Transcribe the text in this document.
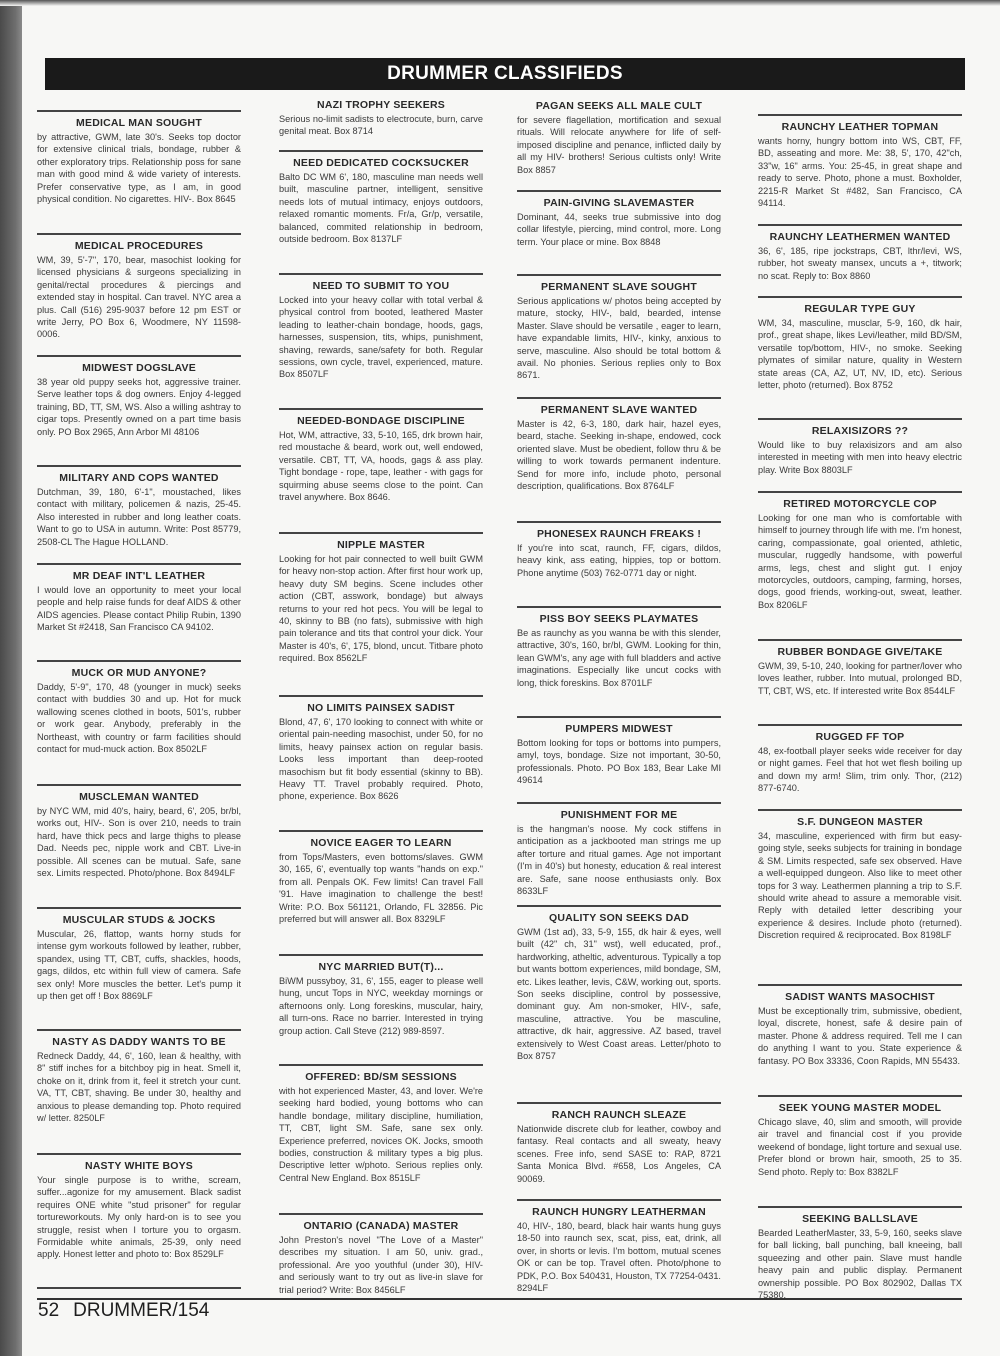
DRUMMER CLASSIFIEDS
MEDICAL MAN SOUGHT
by attractive, GWM, late 30's. Seeks top doctor for extensive clinical trials, bondage, rubber & other exploratory trips. Relationship poss for sane man with good mind & wide variety of interests. Prefer conservative type, as I am, in good physical condition. No cigarettes. HIV-. Box 8645
MEDICAL PROCEDURES
WM, 39, 5'-7", 170, bear, masochist looking for licensed physicians & surgeons specializing in genital/rectal procedures & piercings and extended stay in hospital. Can travel. NYC area a plus. Call (516) 295-9037 before 12 pm EST or write Jerry, PO Box 6, Woodmere, NY 11598-0006.
MIDWEST DOGSLAVE
38 year old puppy seeks hot, aggressive trainer. Serve leather tops & dog owners. Enjoy 4-legged training, BD, TT, SM, WS. Also a willing ashtray to cigar tops. Presently owned on a part time basis only. PO Box 2965, Ann Arbor MI 48106
MILITARY AND COPS WANTED
Dutchman, 39, 180, 6'-1", moustached, likes contact with military, policemen & nazis, 25-45. Also interested in rubber and long leather coats. Want to go to USA in autumn. Write: Post 85779, 2508-CL The Hague HOLLAND.
MR DEAF INT'L LEATHER
I would love an opportunity to meet your local people and help raise funds for deaf AIDS & other AIDS agencies. Please contact Philip Rubin, 1390 Market St #2418, San Francisco CA 94102.
MUCK OR MUD ANYONE?
Daddy, 5'-9", 170, 48 (younger in muck) seeks contact with buddies 30 and up. Hot for muck wallowing scenes clothed in boots, 501's, rubber or work gear. Anybody, preferably in the Northeast, with country or farm facilities should contact for mud-muck action. Box 8502LF
MUSCLEMAN WANTED
by NYC WM, mid 40's, hairy, beard, 6', 205, br/bl, works out, HIV-. Son is over 210, needs to train hard, have thick pecs and large thighs to please Dad. Needs pec, nipple work and CBT. Live-in possible. All scenes can be mutual. Safe, sane sex. Limits respected. Photo/phone. Box 8494LF
MUSCULAR STUDS & JOCKS
Muscular, 26, flattop, wants horny studs for intense gym workouts followed by leather, rubber, spandex, using TT, CBT, cuffs, shackles, hoods, gags, dildos, etc within full view of camera. Safe sex only! More muscles the better. Let's pump it up then get off ! Box 8869LF
NASTY AS DADDY WANTS TO BE
Redneck Daddy, 44, 6', 160, lean & healthy, with 8" stiff inches for a bitchboy pig in heat. Smell it, choke on it, drink from it, feel it stretch your cunt. VA, TT, CBT, shaving. Be under 30, healthy and anxious to please demanding top. Photo required w/ letter. 8250LF
NASTY WHITE BOYS
Your single purpose is to writhe, scream, suffer...agonize for my amusement. Black sadist requires ONE white "stud prisoner" for regular tortureworkouts. My only hard-on is to see you struggle, resist when I torture you to orgasm. Formidable white animals, 25-39, only need apply. Honest letter and photo to: Box 8529LF
NAZI TROPHY SEEKERS
Serious no-limit sadists to electrocute, burn, carve genital meat. Box 8714
NEED DEDICATED COCKSUCKER
Balto DC WM 6', 180, masculine man needs well built, masculine partner, intelligent, sensitive needs lots of mutual intimacy, enjoys outdoors, relaxed romantic moments. Fr/a, Gr/p, versatile, balanced, commited relationship in bedroom, outside bedroom. Box 8137LF
NEED TO SUBMIT TO YOU
Locked into your heavy collar with total verbal & physical control from booted, leathered Master leading to leather-chain bondage, hoods, gags, harnesses, suspension, tits, whips, punishment, shaving, rewards, sane/safety for both. Regular sessions, own cycle, travel, experienced, mature. Box 8507LF
NEEDED-BONDAGE DISCIPLINE
Hot, WM, attractive, 33, 5-10, 165, drk brown hair, red moustache & beard, work out, well endowed, versatile. CBT, TT, VA, hoods, gags & ass play. Tight bondage - rope, tape, leather - with gags for squirming abuse seems close to the point. Can travel anywhere. Box 8646.
NIPPLE MASTER
Looking for hot pair connected to well built GWM for heavy non-stop action. After first hour work up, heavy duty SM begins. Scene includes other action (CBT, asswork, bondage) but always returns to your red hot pecs. You will be legal to 40, skinny to BB (no fats), submissive with high pain tolerance and tits that control your dick. Your Master is 40's, 6', 175, blond, uncut. Titbare photo required. Box 8562LF
NO LIMITS PAINSEX SADIST
Blond, 47, 6', 170 looking to connect with white or oriental pain-needing masochist, under 50, for no limits, heavy painsex action on regular basis. Looks less important than deep-rooted masochism but fit body essential (skinny to BB). Heavy TT. Travel probably required. Photo, phone, experience. Box 8626
NOVICE EAGER TO LEARN
from Tops/Masters, even bottoms/slaves. GWM 30, 165, 6', eventually top wants "hands on exp." from all. Penpals OK. Few limits! Can travel Fall '91. Have imagination to challenge the best! Write: P.O. Box 561121, Orlando, FL 32856. Pic preferred but will answer all. Box 8329LF
NYC MARRIED BUT(T)...
BiWM pussyboy, 31, 6', 155, eager to please well hung, uncut Tops in NYC, weekday mornings or afternoons only. Long foreskins, muscular, hairy, all turn-ons. Race no barrier. Interested in trying group action. Call Steve (212) 989-8597.
OFFERED: BD/SM SESSIONS
with hot experienced Master, 43, and lover. We're seeking hard bodied, young bottoms who can handle bondage, military discipline, humiliation, TT, CBT, light SM. Safe, sane sex only. Experience preferred, novices OK. Jocks, smooth bodies, construction & military types a big plus. Descriptive letter w/photo. Serious replies only. Central New England. Box 8515LF
ONTARIO (CANADA) MASTER
John Preston's novel "The Love of a Master" describes my situation. I am 50, univ. grad., professional. Are yoo youthful (under 30), HIV- and seriously want to try out as live-in slave for trial period? Write: Box 8456LF
PAGAN SEEKS ALL MALE CULT
for severe flagellation, mortification and sexual rituals. Will relocate anywhere for life of self-imposed discipline and penance, inflicted daily by all my HIV- brothers! Serious cultists only! Write Box 8857
PAIN-GIVING SLAVEMASTER
Dominant, 44, seeks true submissive into dog collar lifestyle, piercing, mind control, more. Long term. Your place or mine. Box 8848
PERMANENT SLAVE SOUGHT
Serious applications w/ photos being accepted by mature, stocky, HIV-, bald, bearded, intense Master. Slave should be versatile , eager to learn, have expandable limits, HIV-, kinky, anxious to serve, masculine. Also should be total bottom & avail. No phonies. Serious replies only to Box 8671.
PERMANENT SLAVE WANTED
Master is 42, 6-3, 180, dark hair, hazel eyes, beard, stache. Seeking in-shape, endowed, cock oriented slave. Must be obedient, follow thru & be willing to work towards permanent indenture. Send for more info, include photo, personal description, qualifications. Box 8764LF
PHONESEX RAUNCH FREAKS !
If you're into scat, raunch, FF, cigars, dildos, heavy kink, ass eating, hippies, top or bottom. Phone anytime (503) 762-0771 day or night.
PISS BOY SEEKS PLAYMATES
Be as raunchy as you wanna be with this slender, attractive, 30's, 160, br/bl, GWM. Looking for thin, lean GWM's, any age with full bladders and active imaginations. Especially like uncut cocks with long, thick foreskins. Box 8701LF
PUMPERS MIDWEST
Bottom looking for tops or bottoms into pumpers, amyl, toys, bondage. Size not important, 30-50, professionals. Photo. PO Box 183, Bear Lake MI 49614
PUNISHMENT FOR ME
is the hangman's noose. My cock stiffens in anticipation as a jackbooted man strings me up after torture and ritual games. Age not important (I'm in 40's) but honesty, education & real interest are. Safe, sane noose enthusiasts only. Box 8633LF
QUALITY SON SEEKS DAD
GWM (1st ad), 33, 5-9, 155, dk hair & eyes, well built (42" ch, 31" wst), well educated, prof., hardworking, atheltic, adventurous. Typically a top but wants bottom experiences, mild bondage, SM, etc. Likes leather, levis, C&W, working out, sports. Son seeks discipline, control by possessive, dominant guy. Am non-smoker, HIV-, safe, masculine, attractive. You be masculine, attractive, dk hair, aggressive. AZ based, travel extensively to West Coast areas. Letter/photo to Box 8757
RANCH RAUNCH SLEAZE
Nationwide discrete club for leather, cowboy and fantasy. Real contacts and all sweaty, heavy scenes. Free info, send SASE to: RAP, 8721 Santa Monica Blvd. #658, Los Angeles, CA 90069.
RAUNCH HUNGRY LEATHERMAN
40, HIV-, 180, beard, black hair wants hung guys 18-50 into raunch sex, scat, piss, eat, drink, all over, in shorts or levis. I'm bottom, mutual scenes OK or can be top. Travel often. Photo/phone to PDK, P.O. Box 540431, Houston, TX 77254-0431. 8294LF
RAUNCHY LEATHER TOPMAN
wants horny, hungry bottom into WS, CBT, FF, BD, asseating and more. Me: 38, 5', 170, 42"ch, 33"w, 16" arms. You: 25-45, in great shape and ready to serve. Photo, phone a must. Boxholder, 2215-R Market St #482, San Francisco, CA 94114.
RAUNCHY LEATHERMEN WANTED
36, 6', 185, ripe jockstraps, CBT, lthr/levi, WS, rubber, hot sweaty mansex, uncuts a +, titwork; no scat. Reply to: Box 8860
REGULAR TYPE GUY
WM, 34, masculine, musclar, 5-9, 160, dk hair, prof., great shape, likes Levi/leather, mild BD/SM, versatile top/bottom, HIV-, no smoke. Seeking plymates of similar nature, quality in Western state areas (CA, AZ, UT, NV, ID, etc). Serious letter, photo (returned). Box 8752
RELAXISIZORS ??
Would like to buy relaxisizors and am also interested in meeting with men into heavy electric play. Write Box 8803LF
RETIRED MOTORCYCLE COP
Looking for one man who is comfortable with himself to journey through life with me. I'm honest, caring, compassionate, goal oriented, athletic, muscular, ruggedly handsome, with powerful arms, legs, chest and slight gut. I enjoy motorcycles, outdoors, camping, farming, horses, dogs, good friends, working-out, sweat, leather. Box 8206LF
RUBBER BONDAGE GIVE/TAKE
GWM, 39, 5-10, 240, looking for partner/lover who loves leather, rubber. Into mutual, prolonged BD, TT, CBT, WS, etc. If interested write Box 8544LF
RUGGED FF TOP
48, ex-football player seeks wide receiver for day or night games. Feel that hot wet flesh boiling up and down my arm! Slim, trim only. Thor, (212) 877-6740.
S.F. DUNGEON MASTER
34, masculine, experienced with firm but easy-going style, seeks subjects for training in bondage & SM. Limits respected, safe sex observed. Have a well-equipped dungeon. Also like to meet other tops for 3 way. Leathermen planning a trip to S.F. should write ahead to assure a memorable visit. Reply with detailed letter describing your experience & desires. Include photo (returned). Discretion required & reciprocated. Box 8198LF
SADIST WANTS MASOCHIST
Must be exceptionally trim, submissive, obedient, loyal, discrete, honest, safe & desire pain of master. Phone & address required. Tell me I can do anything I want to you. State experience & fantasy. PO Box 33336, Coon Rapids, MN 55433.
SEEK YOUNG MASTER MODEL
Chicago slave, 40, slim and smooth, will provide air travel and financial cost if you provide weekend of bondage, light torture and sexual use. Prefer blond or brown hair, smooth, 25 to 35. Send photo. Reply to: Box 8382LF
SEEKING BALLSLAVE
Bearded LeatherMaster, 33, 5-9, 160, seeks slave for ball licking, ball punching, ball kneeing, ball squeezing and other pain. Slave must handle heavy pain and public display. Permanent ownership possible. PO Box 802902, Dallas TX 75380.
52 DRUMMER/154
